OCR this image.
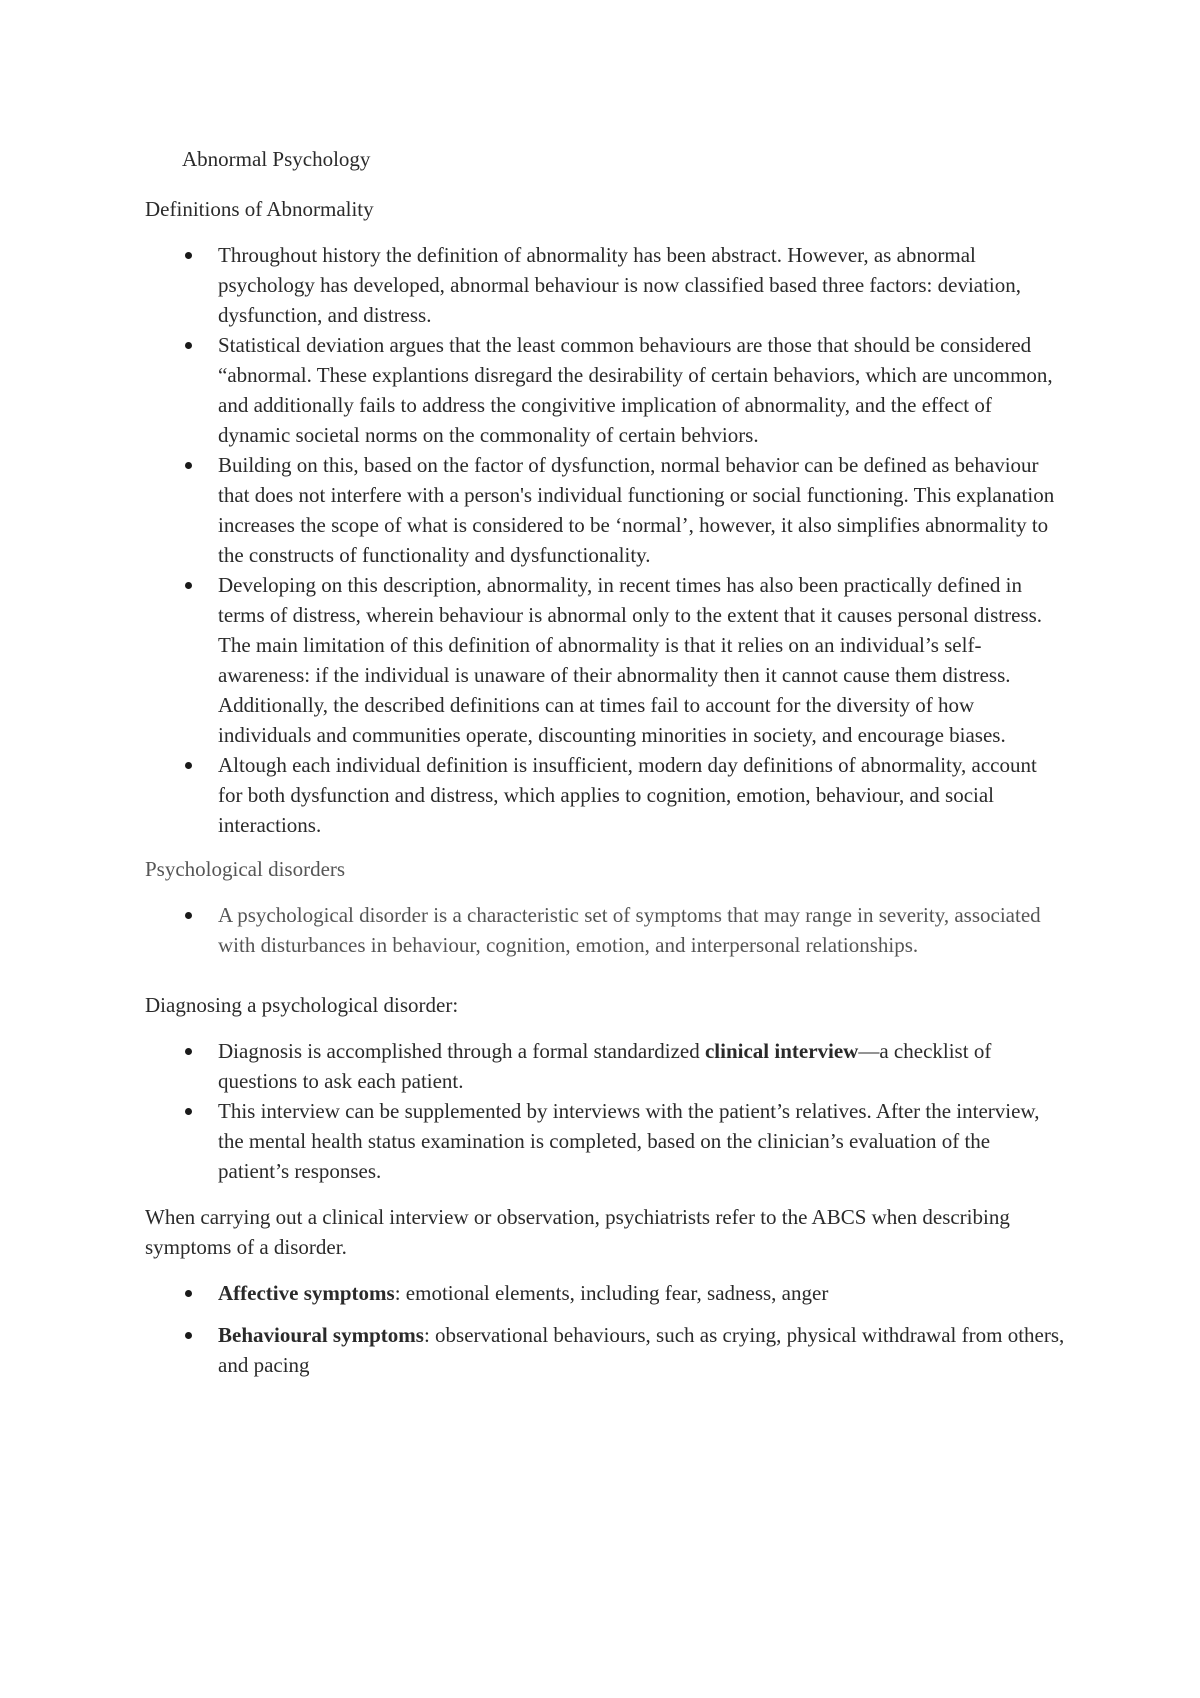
Abnormal Psychology
Definitions of Abnormality
Throughout history the definition of abnormality has been abstract. However, as abnormal psychology has developed, abnormal behaviour is now classified based three factors: deviation, dysfunction, and distress.
Statistical deviation argues that the least common behaviours are those that should be considered “abnormal. These explantions disregard the desirability of certain behaviors, which are uncommon, and additionally fails to address the congivitive implication of abnormality, and the effect of dynamic societal norms on the commonality of certain behviors.
Building on this, based on the factor of dysfunction, normal behavior can be defined as behaviour that does not interfere with a person's individual functioning or social functioning. This explanation increases the scope of what is considered to be ‘normal’, however, it also simplifies abnormality to the constructs of functionality and dysfunctionality.
Developing on this description, abnormality, in recent times has also been practically defined in terms of distress, wherein behaviour is abnormal only to the extent that it causes personal distress. The main limitation of this definition of abnormality is that it relies on an individual’s self-awareness: if the individual is unaware of their abnormality then it cannot cause them distress. Additionally, the described definitions can at times fail to account for the diversity of how individuals and communities operate, discounting minorities in society, and encourage biases.
Altough each individual definition is insufficient, modern day definitions of abnormality, account for both dysfunction and distress, which applies to cognition, emotion, behaviour, and social interactions.
Psychological disorders
A psychological disorder is a characteristic set of symptoms that may range in severity, associated with disturbances in behaviour, cognition, emotion, and interpersonal relationships.
Diagnosing a psychological disorder:
Diagnosis is accomplished through a formal standardized clinical interview—a checklist of questions to ask each patient.
This interview can be supplemented by interviews with the patient’s relatives. After the interview, the mental health status examination is completed, based on the clinician’s evaluation of the patient’s responses.

When carrying out a clinical interview or observation, psychiatrists refer to the ABCS when describing symptoms of a disorder.

Affective symptoms: emotional elements, including fear, sadness, anger
Behavioural symptoms: observational behaviours, such as crying, physical withdrawal from others, and pacing
